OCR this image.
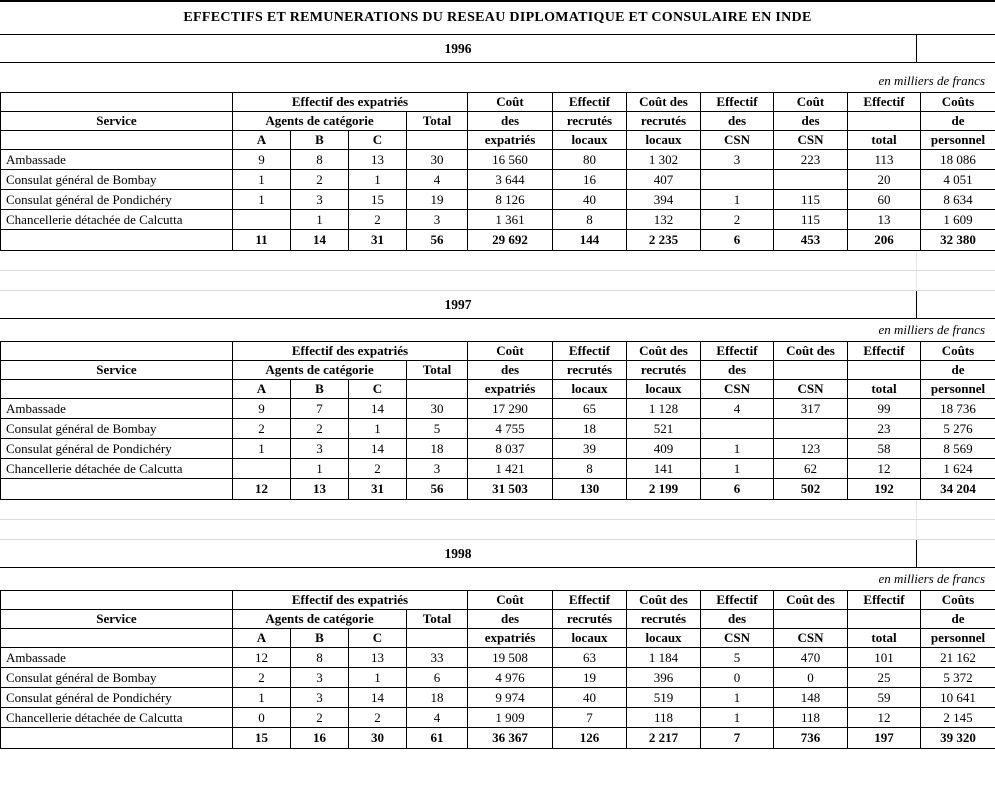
EFFECTIFS ET REMUNERATIONS DU RESEAU DIPLOMATIQUE ET CONSULAIRE EN INDE
1996
en milliers de francs
	Effectif des expatriés				Coût	Effectif	Coût des	Effectif	Coût	Effectif	Coûts
Service	Agents de catégorie			Total	des	recrutés	recrutés	des	des		de
	A	B	C		expatriés	locaux	locaux	CSN	CSN	total	personnel
Ambassade	9	8	13	30	16 560	80	1 302	3	223	113	18 086
Consulat général de Bombay	1	2	1	4	3 644	16	407			20	4 051
Consulat général de Pondichéry	1	3	15	19	8 126	40	394	1	115	60	8 634
Chancellerie détachée de Calcutta		1	2	3	1 361	8	132	2	115	13	1 609
	11	14	31	56	29 692	144	2 235	6	453	206	32 380
1997
en milliers de francs
	Effectif des expatriés				Coût	Effectif	Coût des	Effectif	Coût des	Effectif	Coûts
Service	Agents de catégorie			Total	des	recrutés	recrutés	des			de
	A	B	C		expatriés	locaux	locaux	CSN	CSN	total	personnel
Ambassade	9	7	14	30	17 290	65	1 128	4	317	99	18 736
Consulat général de Bombay	2	2	1	5	4 755	18	521			23	5 276
Consulat général de Pondichéry	1	3	14	18	8 037	39	409	1	123	58	8 569
Chancellerie détachée de Calcutta		1	2	3	1 421	8	141	1	62	12	1 624
	12	13	31	56	31 503	130	2 199	6	502	192	34 204
1998
en milliers de francs
	Effectif des expatriés				Coût	Effectif	Coût des	Effectif	Coût des	Effectif	Coûts
Service	Agents de catégorie			Total	des	recrutés	recrutés	des			de
	A	B	C		expatriés	locaux	locaux	CSN	CSN	total	personnel
Ambassade	12	8	13	33	19 508	63	1 184	5	470	101	21 162
Consulat général de Bombay	2	3	1	6	4 976	19	396	0	0	25	5 372
Consulat général de Pondichéry	1	3	14	18	9 974	40	519	1	148	59	10 641
Chancellerie détachée de Calcutta	0	2	2	4	1 909	7	118	1	118	12	2 145
	15	16	30	61	36 367	126	2 217	7	736	197	39 320
